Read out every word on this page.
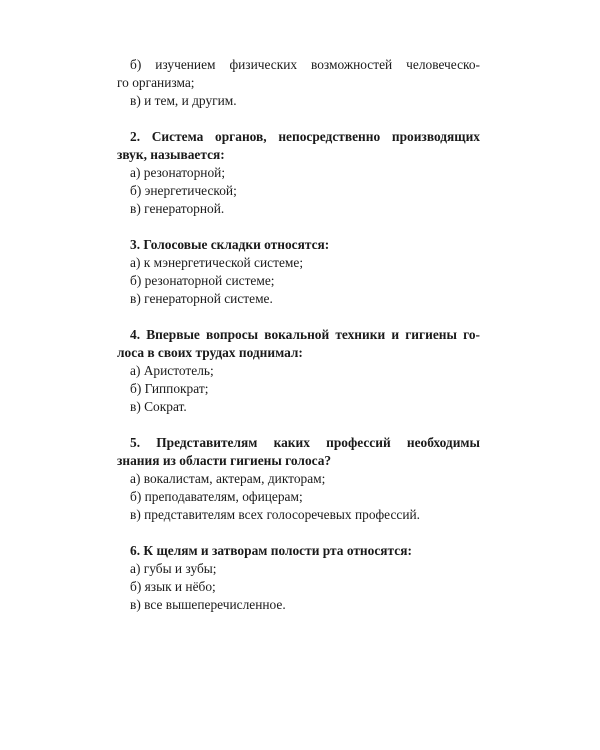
б) изучением физических возможностей человеческо-
го организма;
в) и тем, и другим.
2. Система органов, непосредственно производящих
звук, называется:
а) резонаторной;
б) энергетической;
в) генераторной.
3. Голосовые складки относятся:
а) к мэнергетической системе;
б) резонаторной системе;
в) генераторной системе.
4. Впервые вопросы вокальной техники и гигиены го-
лоса в своих трудах поднимал:
а) Аристотель;
б) Гиппократ;
в) Сократ.
5. Представителям каких профессий необходимы
знания из области гигиены голоса?
а) вокалистам, актерам, дикторам;
б) преподавателям, офицерам;
в) представителям всех голосоречевых профессий.
6. К щелям и затворам полости рта относятся:
а) губы и зубы;
б) язык и нёбо;
в) все вышеперечисленное.
